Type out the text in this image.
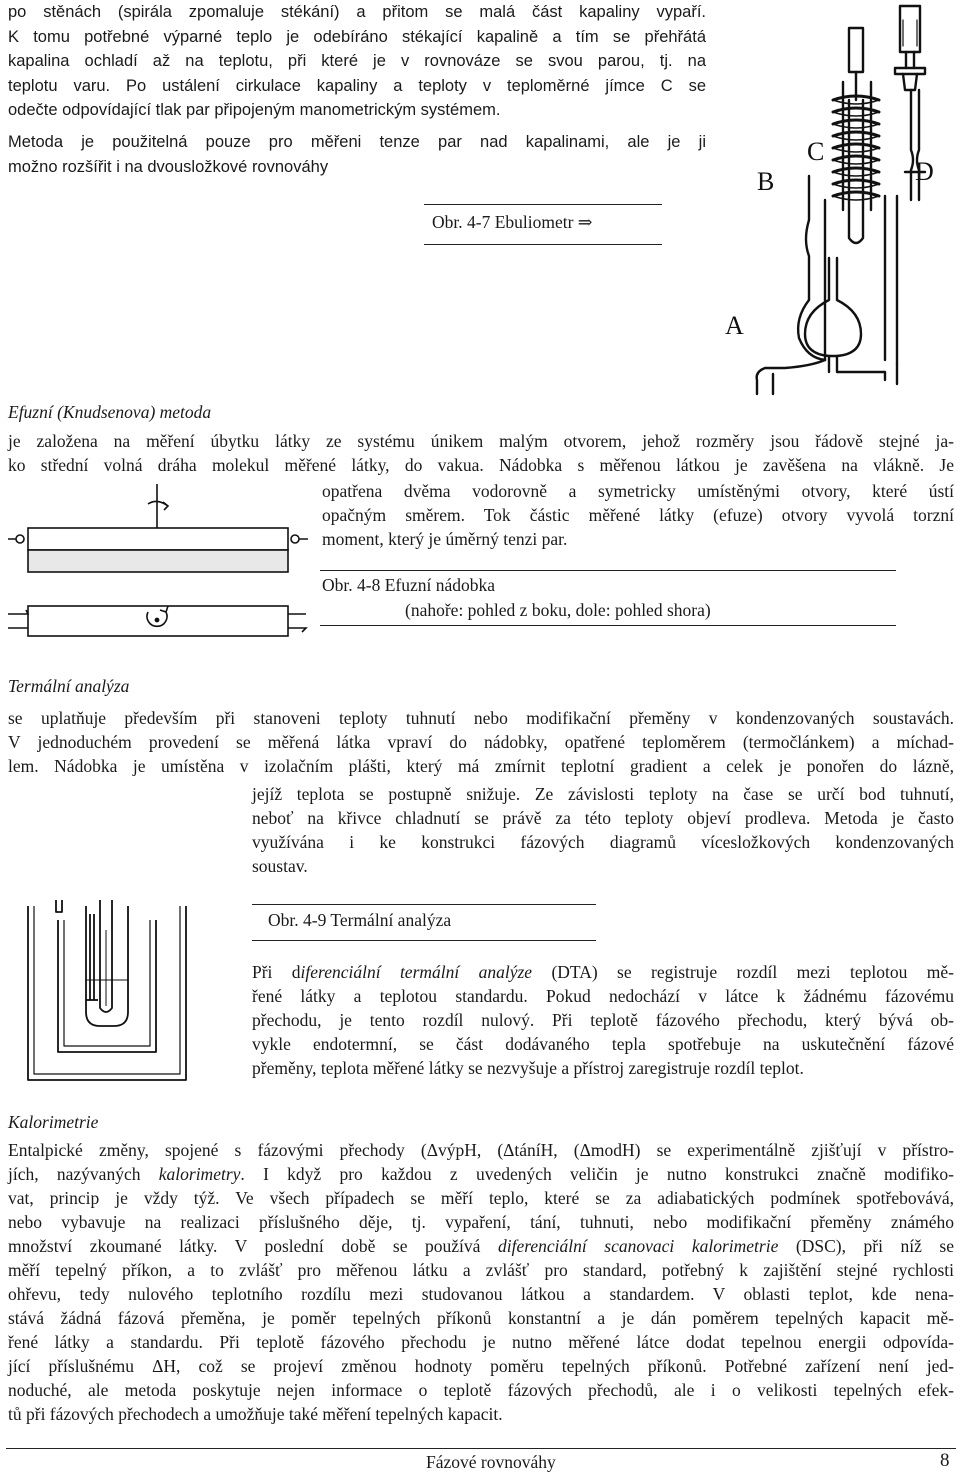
po stěnách (spirála zpomaluje stékání) a přitom se malá část kapaliny vypaří.
K tomu potřebné výparné teplo je odebíráno stékající kapalině a tím se přehřátá
kapalina ochladí až na teplotu, při které je v rovnováze se svou parou, tj. na
teplotu varu. Po ustálení cirkulace kapaliny a teploty v teploměrné jímce C se
odečte odpovídající tlak par připojeným manometrickým systémem.
Metoda je použitelná pouze pro měřeni tenze par nad kapalinami, ale je ji
možno rozšířit i na dvousložkové rovnováhy
Obr. 4-7 Ebuliometr ⇒
A
B
C
D
Efuzní (Knudsenova) metoda
je založena na měření úbytku látky ze systému únikem malým otvorem, jehož rozměry jsou řádově stejné ja-
ko střední volná dráha molekul měřené látky, do vakua. Nádobka s měřenou látkou je zavěšena na vlákně. Je
opatřena dvěma vodorovně a symetricky umístěnými otvory, které ústí
opačným směrem. Tok částic měřené látky (efuze) otvory vyvolá torzní
moment, který je úměrný tenzi par.
Obr. 4-8 Efuzní nádobka
(nahoře: pohled z boku, dole: pohled shora)
Termální analýza
se uplatňuje především při stanoveni teploty tuhnutí nebo modifikační přeměny v kondenzovaných soustavách.
V jednoduchém provedení se měřená látka vpraví do nádobky, opatřené teploměrem (termočlánkem) a míchad-
lem. Nádobka je umístěna v izolačním plášti, který má zmírnit teplotní gradient a celek je ponořen do lázně,
jejíž teplota se postupně snižuje. Ze závislosti teploty na čase se určí bod tuhnutí,
neboť na křivce chladnutí se právě za této teploty objeví prodleva. Metoda je často
využívána i ke konstrukci fázových diagramů vícesložkových kondenzovaných
soustav.
Obr. 4-9 Termální analýza
Při diferenciální termální analýze (DTA) se registruje rozdíl mezi teplotou mě-
řené látky a teplotou standardu. Pokud nedochází v látce k žádnému fázovému
přechodu, je tento rozdíl nulový. Při teplotě fázového přechodu, který bývá ob-
vykle endotermní, se část dodávaného tepla spotřebuje na uskutečnění fázové
přeměny, teplota měřené látky se nezvyšuje a přístroj zaregistruje rozdíl teplot.
Kalorimetrie
Entalpické změny, spojené s fázovými přechody (ΔvýpH, (ΔtáníH, (ΔmodH) se experimentálně zjišťují v přístro-
jích, nazývaných kalorimetry. I když pro každou z uvedených veličin je nutno konstrukci značně modifiko-
vat, princip je vždy týž. Ve všech případech se měří teplo, které se za adiabatických podmínek spotřebovává,
nebo vybavuje na realizaci příslušného děje, tj. vypaření, tání, tuhnuti, nebo modifikační přeměny známého
množství zkoumané látky. V poslední době se používá diferenciální scanovaci kalorimetrie (DSC), při níž se
měří tepelný příkon, a to zvlášť pro měřenou látku a zvlášť pro standard, potřebný k zajištění stejné rychlosti
ohřevu, tedy nulového teplotního rozdílu mezi studovanou látkou a standardem. V oblasti teplot, kde nena-
stává žádná fázová přeměna, je poměr tepelných příkonů konstantní a je dán poměrem tepelných kapacit mě-
řené látky a standardu. Při teplotě fázového přechodu je nutno měřené látce dodat tepelnou energii odpovída-
jící příslušnému ΔH, což se projeví změnou hodnoty poměru tepelných příkonů. Potřebné zařízení není jed-
noduché, ale metoda poskytuje nejen informace o teplotě fázových přechodů, ale i o velikosti tepelných efek-
tů při fázových přechodech a umožňuje také měření tepelných kapacit.
Fázové rovnováhy	8
